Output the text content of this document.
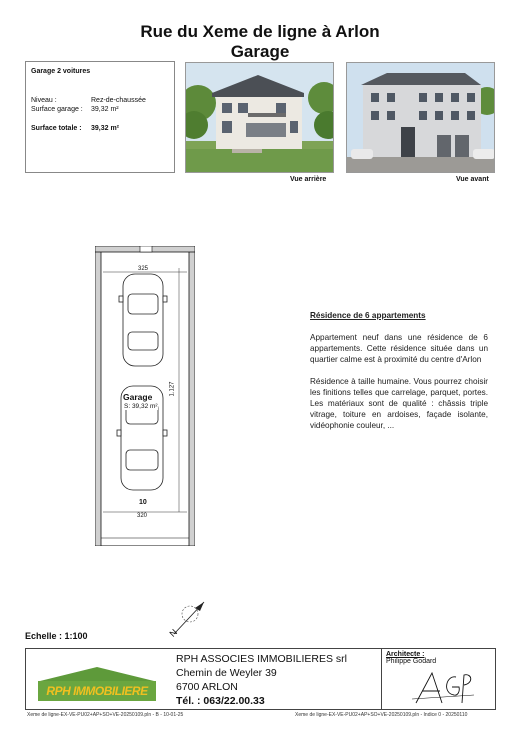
Rue du Xeme de ligne à Arlon
Garage
Garage 2 voitures
Niveau :	Rez-de-chaussée
Surface garage :	39,32 m²
Surface totale :	39,32 m²
Vue arrière	Vue avant
325
1.127
Garage
S: 39,32 m²
10
320
Résidence de 6 appartements

Appartement neuf dans une résidence de 6 appartements. Cette résidence située dans un quartier calme est à proximité du centre d'Arlon

Résidence à taille humaine. Vous pourrez choisir les finitions telles que carrelage, parquet, portes. Les matériaux sont de qualité : châssis triple vitrage, toiture en ardoises, façade isolante, vidéophonie couleur, ...

N
Echelle : 1:100
RPH IMMOBILIERE
RPH ASSOCIES IMMOBILIERES srl
Chemin de Weyler 39
6700 ARLON
Tél. : 063/22.00.33
Architecte :
Philippe Godard
Xeme de ligne-EX-VE-PU02+AP+SO+VE-20250109.pln - B - 10-01-25	Xeme de ligne-EX-VE-PU02+AP+SO+VE-20250109.pln - Indice 0 - 20250110
